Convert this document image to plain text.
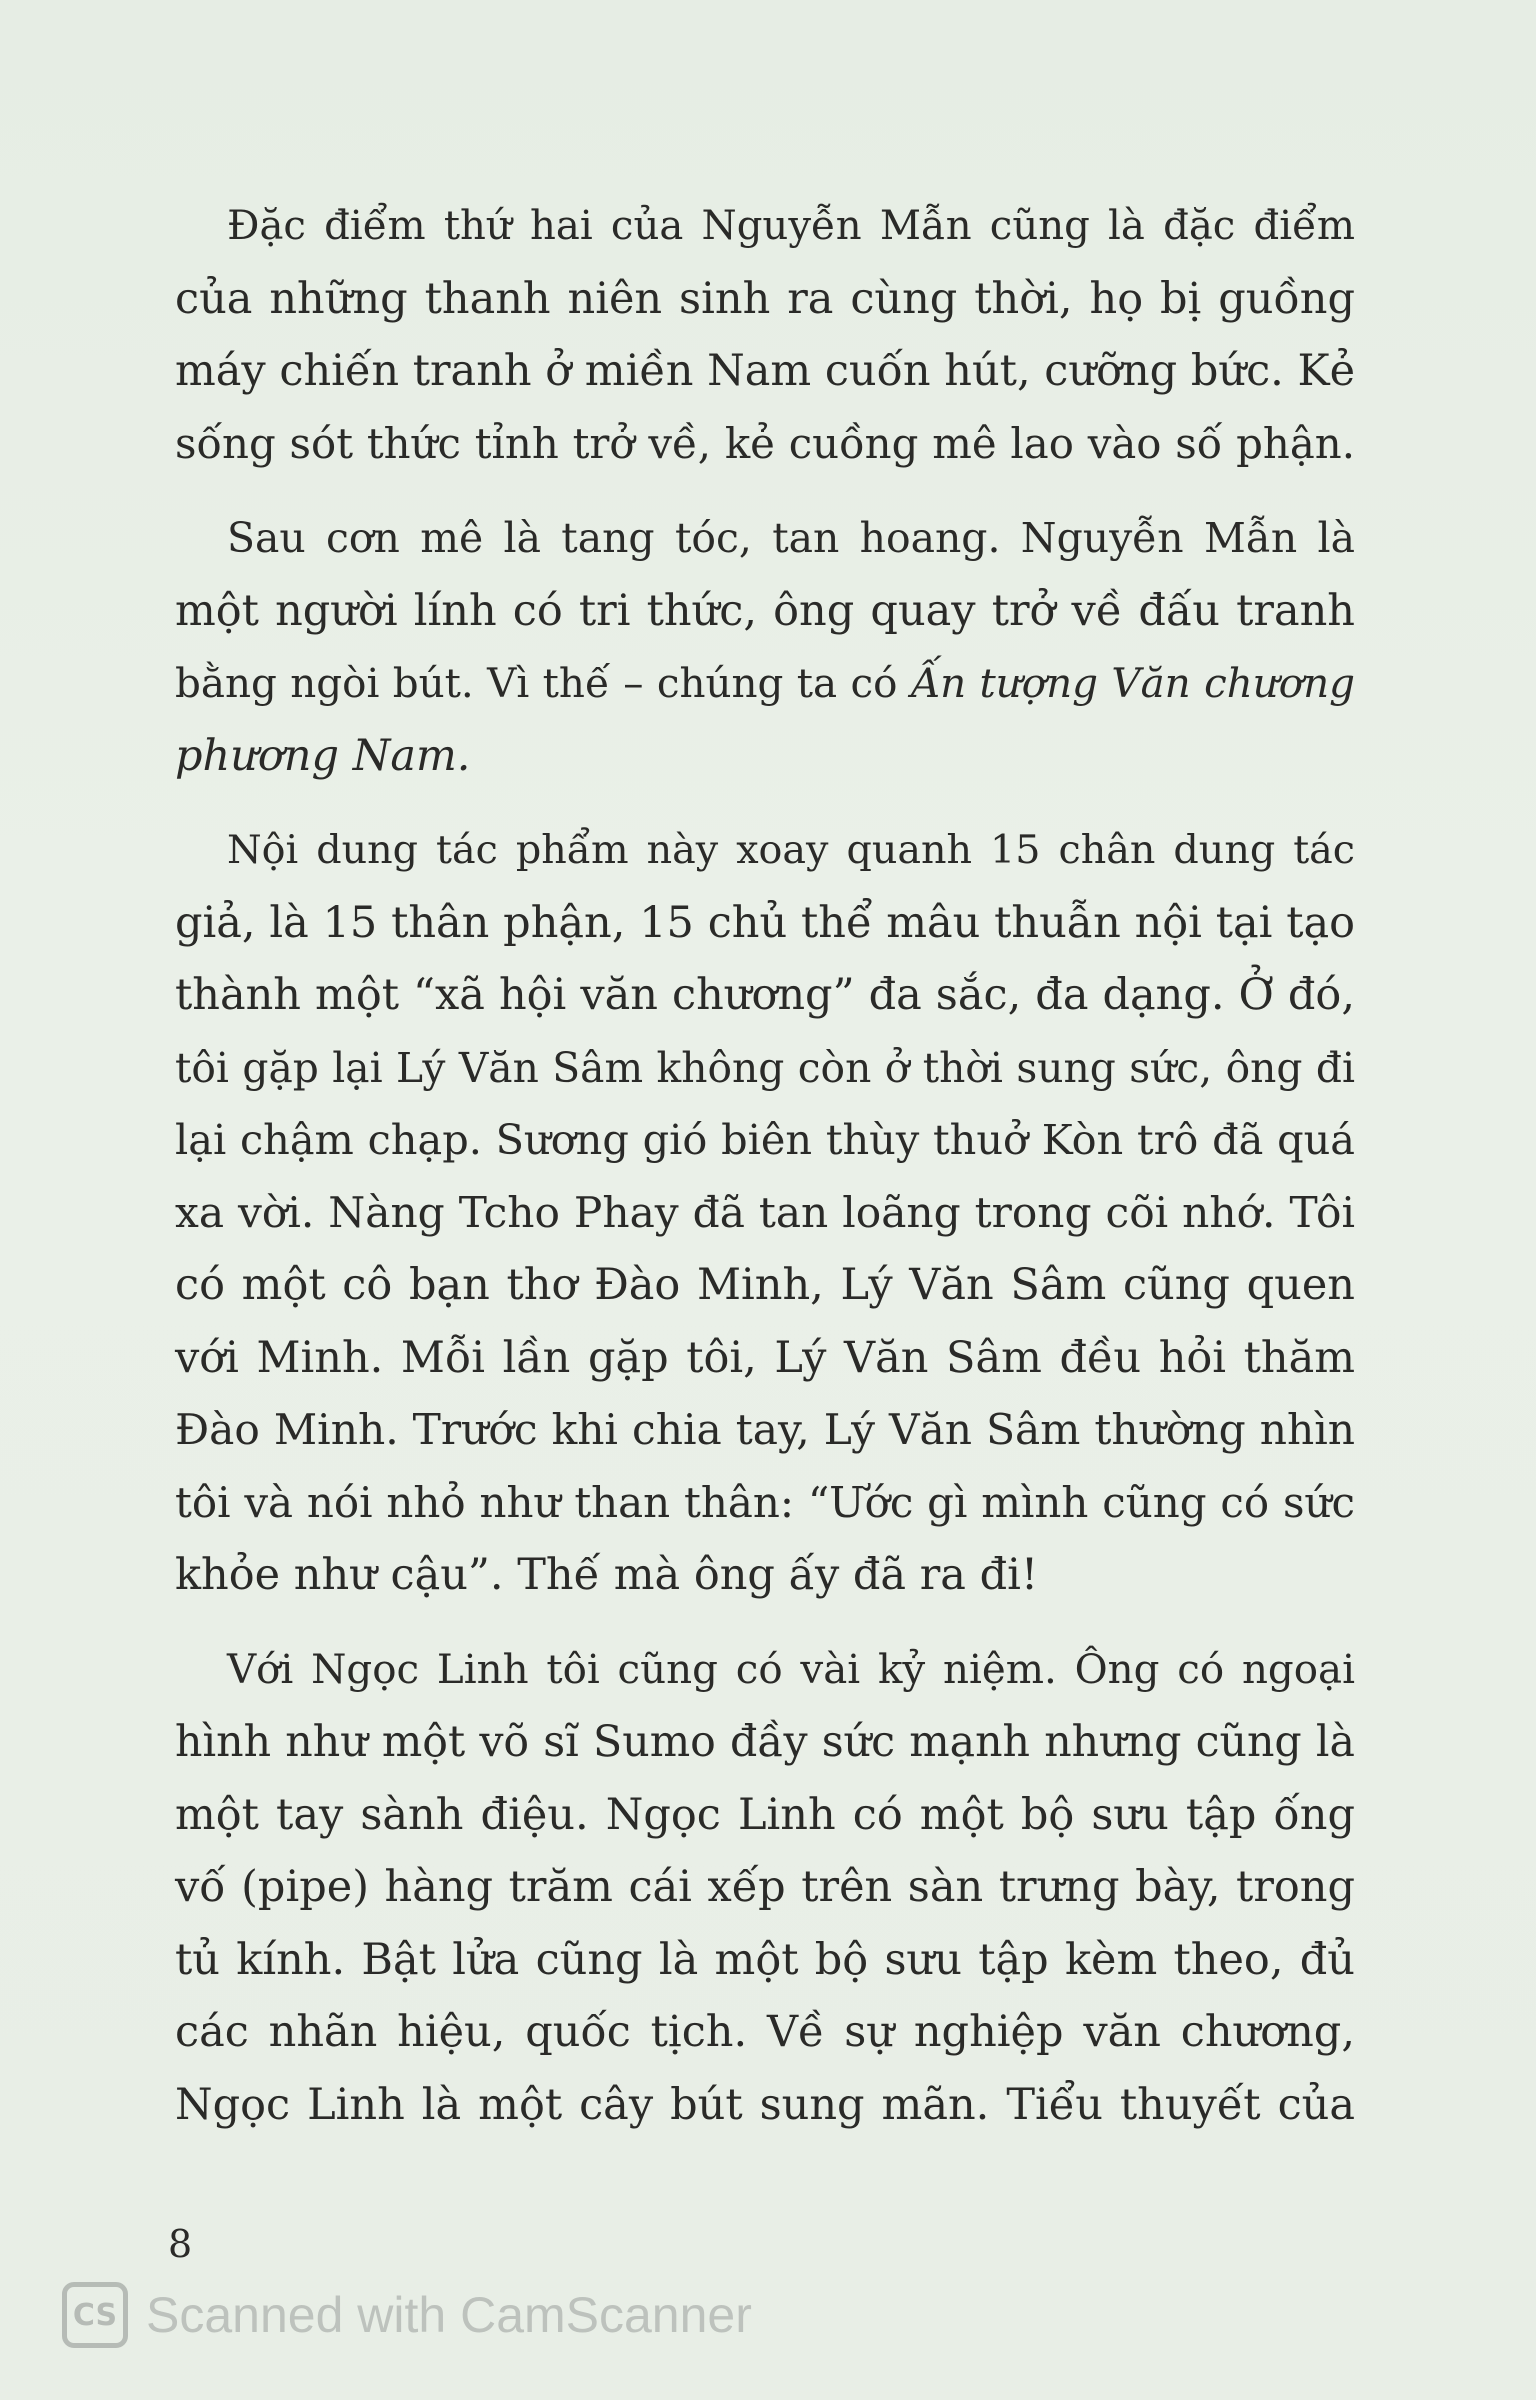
Đặc điểm thứ hai của Nguyễn Mẫn cũng là đặc điểm
của những thanh niên sinh ra cùng thời, họ bị guồng
máy chiến tranh ở miền Nam cuốn hút, cưỡng bức. Kẻ
sống sót thức tỉnh trở về, kẻ cuồng mê lao vào số phận.

Sau cơn mê là tang tóc, tan hoang. Nguyễn Mẫn là
một người lính có tri thức, ông quay trở về đấu tranh
bằng ngòi bút. Vì thế – chúng ta có Ấn tượng Văn chương
phương Nam.

Nội dung tác phẩm này xoay quanh 15 chân dung tác
giả, là 15 thân phận, 15 chủ thể mâu thuẫn nội tại tạo
thành một “xã hội văn chương” đa sắc, đa dạng. Ở đó,
tôi gặp lại Lý Văn Sâm không còn ở thời sung sức, ông đi
lại chậm chạp. Sương gió biên thùy thuở Kòn trô đã quá
xa vời. Nàng Tcho Phay đã tan loãng trong cõi nhớ. Tôi
có một cô bạn thơ Đào Minh, Lý Văn Sâm cũng quen
với Minh. Mỗi lần gặp tôi, Lý Văn Sâm đều hỏi thăm
Đào Minh. Trước khi chia tay, Lý Văn Sâm thường nhìn
tôi và nói nhỏ như than thân: “Ước gì mình cũng có sức
khỏe như cậu”. Thế mà ông ấy đã ra đi!

Với Ngọc Linh tôi cũng có vài kỷ niệm. Ông có ngoại
hình như một võ sĩ Sumo đầy sức mạnh nhưng cũng là
một tay sành điệu. Ngọc Linh có một bộ sưu tập ống
vố (pipe) hàng trăm cái xếp trên sàn trưng bày, trong
tủ kính. Bật lửa cũng là một bộ sưu tập kèm theo, đủ
các nhãn hiệu, quốc tịch. Về sự nghiệp văn chương,
Ngọc Linh là một cây bút sung mãn. Tiểu thuyết của

8
CS Scanned with CamScanner
